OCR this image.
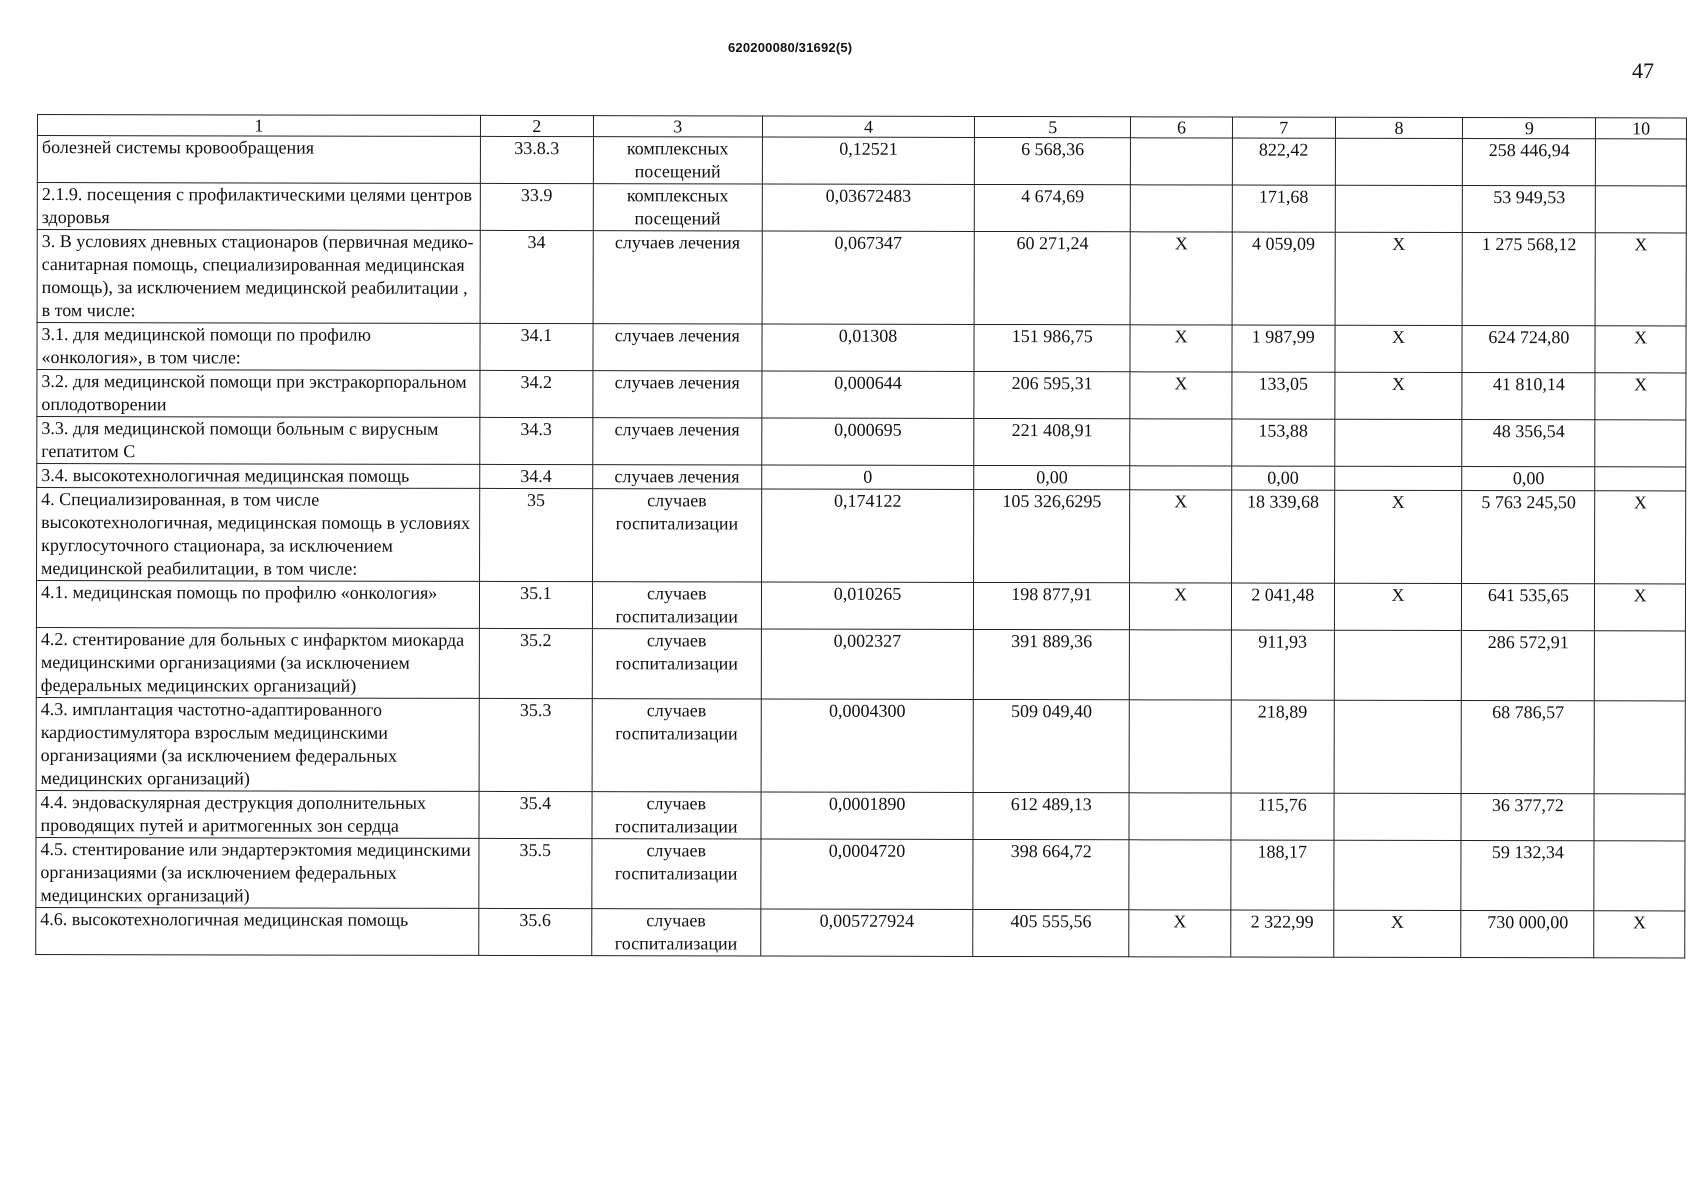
620200080/31692(5)
47
1	2	3	4	5	6	7	8	9	10
болезней системы кровообращения	33.8.3	комплексных посещений	0,12521	6 568,36		822,42		258 446,94	
2.1.9. посещения с профилактическими целями центров здоровья	33.9	комплексных посещений	0,03672483	4 674,69		171,68		53 949,53	
3. В условиях дневных стационаров (первичная медико-санитарная помощь, специализированная медицинская помощь), за исключением медицинской реабилитации , в том числе:	34	случаев лечения	0,067347	60 271,24	Х	4 059,09	Х	1 275 568,12	Х
3.1. для медицинской помощи по профилю «онкология», в том числе:	34.1	случаев лечения	0,01308	151 986,75	Х	1 987,99	Х	624 724,80	Х
3.2. для медицинской помощи при экстракорпоральном оплодотворении	34.2	случаев лечения	0,000644	206 595,31	Х	133,05	Х	41 810,14	Х
3.3. для медицинской помощи больным с вирусным гепатитом С	34.3	случаев лечения	0,000695	221 408,91		153,88		48 356,54	
3.4. высокотехнологичная медицинская помощь	34.4	случаев лечения	0	0,00		0,00		0,00	
4. Специализированная, в том числе высокотехнологичная, медицинская помощь в условиях круглосуточного стационара, за исключением медицинской реабилитации, в том числе:	35	случаев госпитализации	0,174122	105 326,6295	Х	18 339,68	Х	5 763 245,50	Х
4.1. медицинская помощь по профилю «онкология»	35.1	случаев госпитализации	0,010265	198 877,91	Х	2 041,48	Х	641 535,65	Х
4.2. стентирование для больных с инфарктом миокарда медицинскими организациями (за исключением федеральных медицинских организаций)	35.2	случаев госпитализации	0,002327	391 889,36		911,93		286 572,91	
4.3. имплантация частотно-адаптированного кардиостимулятора взрослым медицинскими организациями (за исключением федеральных медицинских организаций)	35.3	случаев госпитализации	0,0004300	509 049,40		218,89		68 786,57	
4.4. эндоваскулярная деструкция дополнительных проводящих путей и аритмогенных зон сердца	35.4	случаев госпитализации	0,0001890	612 489,13		115,76		36 377,72	
4.5. стентирование или эндартерэктомия медицинскими организациями (за исключением федеральных медицинских организаций)	35.5	случаев госпитализации	0,0004720	398 664,72		188,17		59 132,34	
4.6. высокотехнологичная медицинская помощь	35.6	случаев госпитализации	0,005727924	405 555,56	Х	2 322,99	Х	730 000,00	Х
